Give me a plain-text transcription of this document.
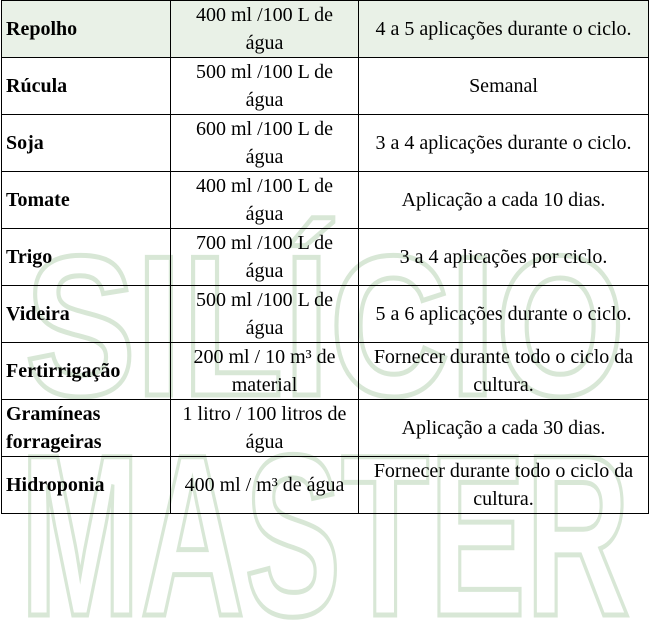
SILÍCIO
MASTER
Repolho	400 ml /100 L de água	4 a 5 aplicações durante o ciclo.
Rúcula	500 ml /100 L de água	Semanal
Soja	600 ml /100 L de água	3 a 4 aplicações durante o ciclo.
Tomate	400 ml /100 L de água	Aplicação a cada 10 dias.
Trigo	700 ml /100 L de água	3 a 4 aplicações por ciclo.
Videira	500 ml /100 L de água	5 a 6 aplicações durante o ciclo.
Fertirrigação	200 ml / 10 m³ de material	Fornecer durante todo o ciclo da cultura.
Gramíneas forrageiras	1 litro / 100 litros de água	Aplicação a cada 30 dias.
Hidroponia	400 ml / m³ de água	Fornecer durante todo o ciclo da cultura.
